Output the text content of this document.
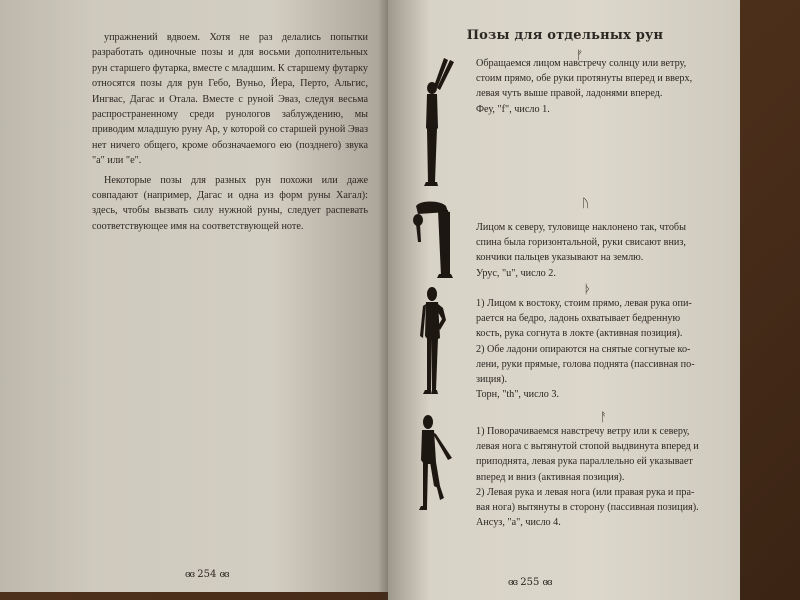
упражнений вдвоем. Хотя не раз делались попытки разработать одиночные позы и для восьми дополнительных рун старшего футарка, вместе с младшим. К старшему футарку относятся позы для рун Гебо, Вуньо, Йера, Перто, Альгис, Ингвас, Дагас и Отала. Вместе с руной Эваз, следуя весьма распространенному среди рунологов заблуждению, мы приводим младшую руну Ар, у которой со старшей руной Эваз нет ничего общего, кроме обозначаемого ею (позднего) звука "а" или "е".

Некоторые позы для разных рун похожи или даже совпадают (например, Дагас и одна из форм руны Хагал): здесь, чтобы вызвать силу нужной руны, следует распевать соответствующее имя на соответствующей ноте.

ɞɞ 254 ɞɞ
Позы для отдельных рун
ᚠ
Обращаемся лицом навстречу солнцу или ветру,
стоим прямо, обе руки протянуты вперед и вверх,
левая чуть выше правой, ладонями вперед.
Феу, "f", число 1.
ᚢ
Лицом к северу, туловище наклонено так, чтобы
спина была горизонтальной, руки свисают вниз,
кончики пальцев указывают на землю.
Урус, "u", число 2.
ᚦ
1) Лицом к востоку, стоим прямо, левая рука опи-
рается на бедро, ладонь охватывает бедренную
кость, рука согнута в локте (активная позиция).
2) Обе ладони опираются на снятые согнутые ко-
лени, руки прямые, голова поднята (пассивная по-
зиция).
Торн, "th", число 3.
ᚨ
1) Поворачиваемся навстречу ветру или к северу,
левая нога с вытянутой стопой выдвинута вперед и
приподнята, левая рука параллельно ей указывает
вперед и вниз (активная позиция).
2) Левая рука и левая нога (или правая рука и пра-
вая нога) вытянуты в сторону (пассивная позиция).
Ансуз, "a", число 4.
ɞɞ 255 ɞɞ
